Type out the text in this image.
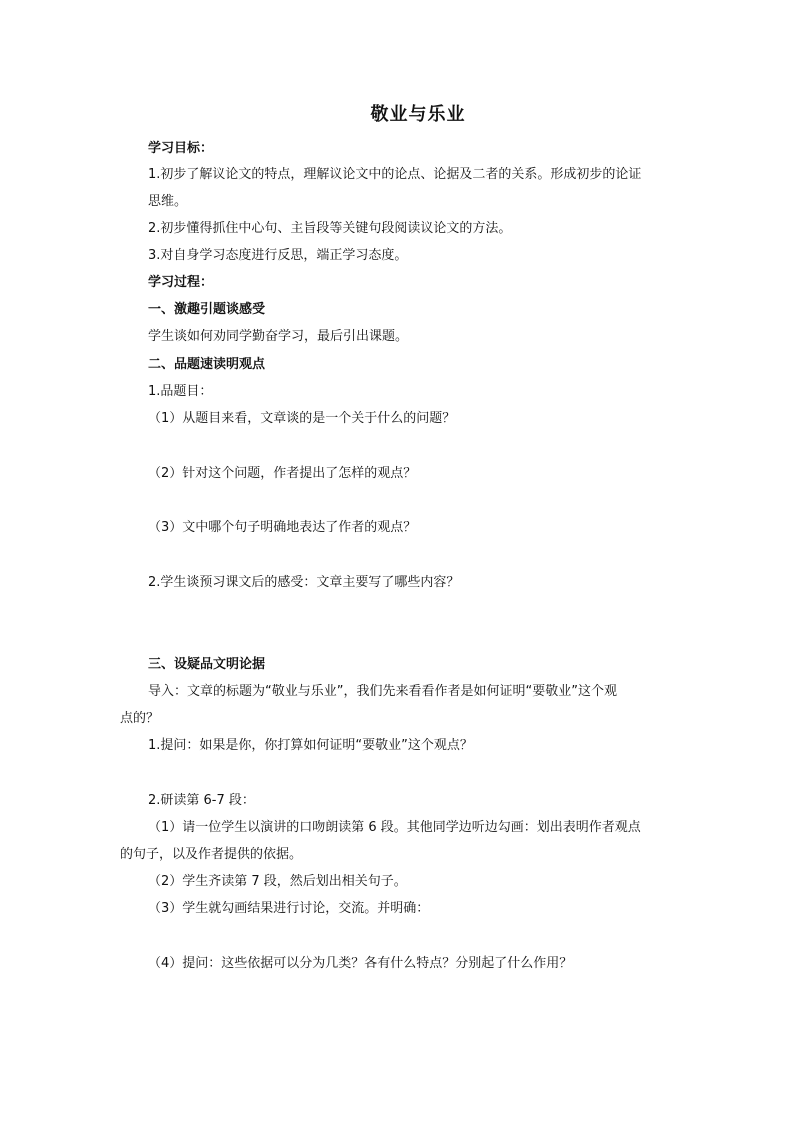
敬业与乐业
学习目标：
1.初步了解议论文的特点，理解议论文中的论点、论据及二者的关系。形成初步的论证
思维。
2.初步懂得抓住中心句、主旨段等关键句段阅读议论文的方法。
3.对自身学习态度进行反思，端正学习态度。
学习过程：
一、激趣引题谈感受
学生谈如何劝同学勤奋学习，最后引出课题。
二、品题速读明观点
1.品题目：
（1）从题目来看，文章谈的是一个关于什么的问题？
（2）针对这个问题，作者提出了怎样的观点？
（3）文中哪个句子明确地表达了作者的观点？
2.学生谈预习课文后的感受：文章主要写了哪些内容？
三、设疑品文明论据
导入：文章的标题为“敬业与乐业”，我们先来看看作者是如何证明“要敬业”这个观
点的？
1.提问：如果是你，你打算如何证明“要敬业”这个观点？
2.研读第 6-7 段：
（1）请一位学生以演讲的口吻朗读第 6 段。其他同学边听边勾画：划出表明作者观点
的句子，以及作者提供的依据。
（2）学生齐读第 7 段，然后划出相关句子。
（3）学生就勾画结果进行讨论，交流。并明确：
（4）提问：这些依据可以分为几类？各有什么特点？分别起了什么作用？
